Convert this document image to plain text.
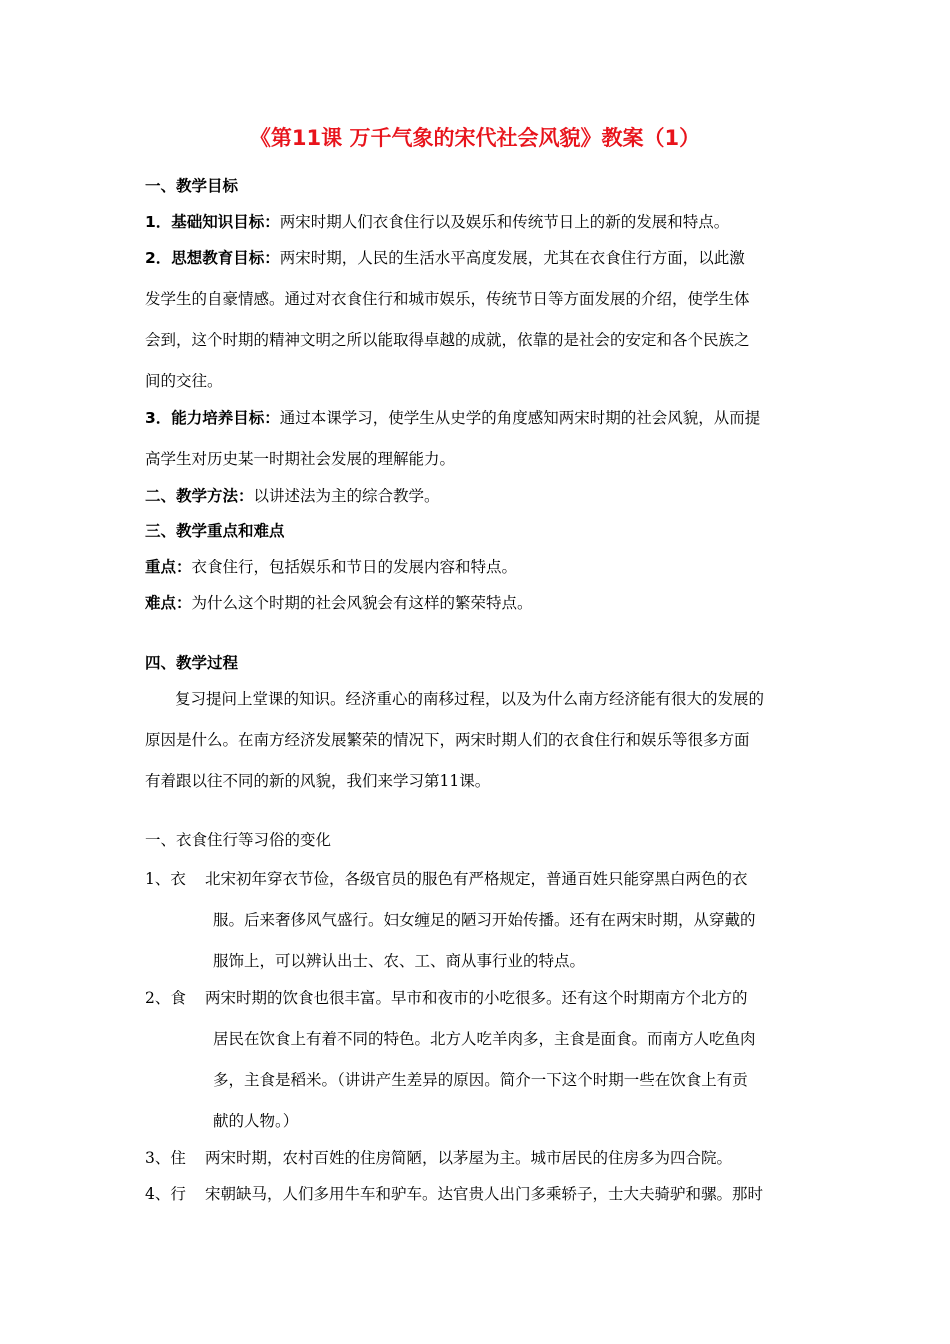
《第11课 万千气象的宋代社会风貌》教案（1）
一、教学目标
1．基础知识目标：两宋时期人们衣食住行以及娱乐和传统节日上的新的发展和特点。
2．思想教育目标：两宋时期，人民的生活水平高度发展，尤其在衣食住行方面，以此激
发学生的自豪情感。通过对衣食住行和城市娱乐，传统节日等方面发展的介绍，使学生体
会到，这个时期的精神文明之所以能取得卓越的成就，依靠的是社会的安定和各个民族之
间的交往。
3．能力培养目标：通过本课学习，使学生从史学的角度感知两宋时期的社会风貌，从而提
高学生对历史某一时期社会发展的理解能力。
二、教学方法：以讲述法为主的综合教学。
三、教学重点和难点
重点：衣食住行，包括娱乐和节日的发展内容和特点。
难点：为什么这个时期的社会风貌会有这样的繁荣特点。
四、教学过程
复习提问上堂课的知识。经济重心的南移过程，以及为什么南方经济能有很大的发展的
原因是什么。在南方经济发展繁荣的情况下，两宋时期人们的衣食住行和娱乐等很多方面
有着跟以往不同的新的风貌，我们来学习第11课。
一、衣食住行等习俗的变化
1、衣 北宋初年穿衣节俭，各级官员的服色有严格规定，普通百姓只能穿黑白两色的衣
服。后来奢侈风气盛行。妇女缠足的陋习开始传播。还有在两宋时期，从穿戴的
服饰上，可以辨认出士、农、工、商从事行业的特点。
2、食 两宋时期的饮食也很丰富。早市和夜市的小吃很多。还有这个时期南方个北方的
居民在饮食上有着不同的特色。北方人吃羊肉多，主食是面食。而南方人吃鱼肉
多，主食是稻米。（讲讲产生差异的原因。简介一下这个时期一些在饮食上有贡
献的人物。）
3、住 两宋时期，农村百姓的住房简陋，以茅屋为主。城市居民的住房多为四合院。
4、行 宋朝缺马，人们多用牛车和驴车。达官贵人出门多乘轿子，士大夫骑驴和骡。那时
